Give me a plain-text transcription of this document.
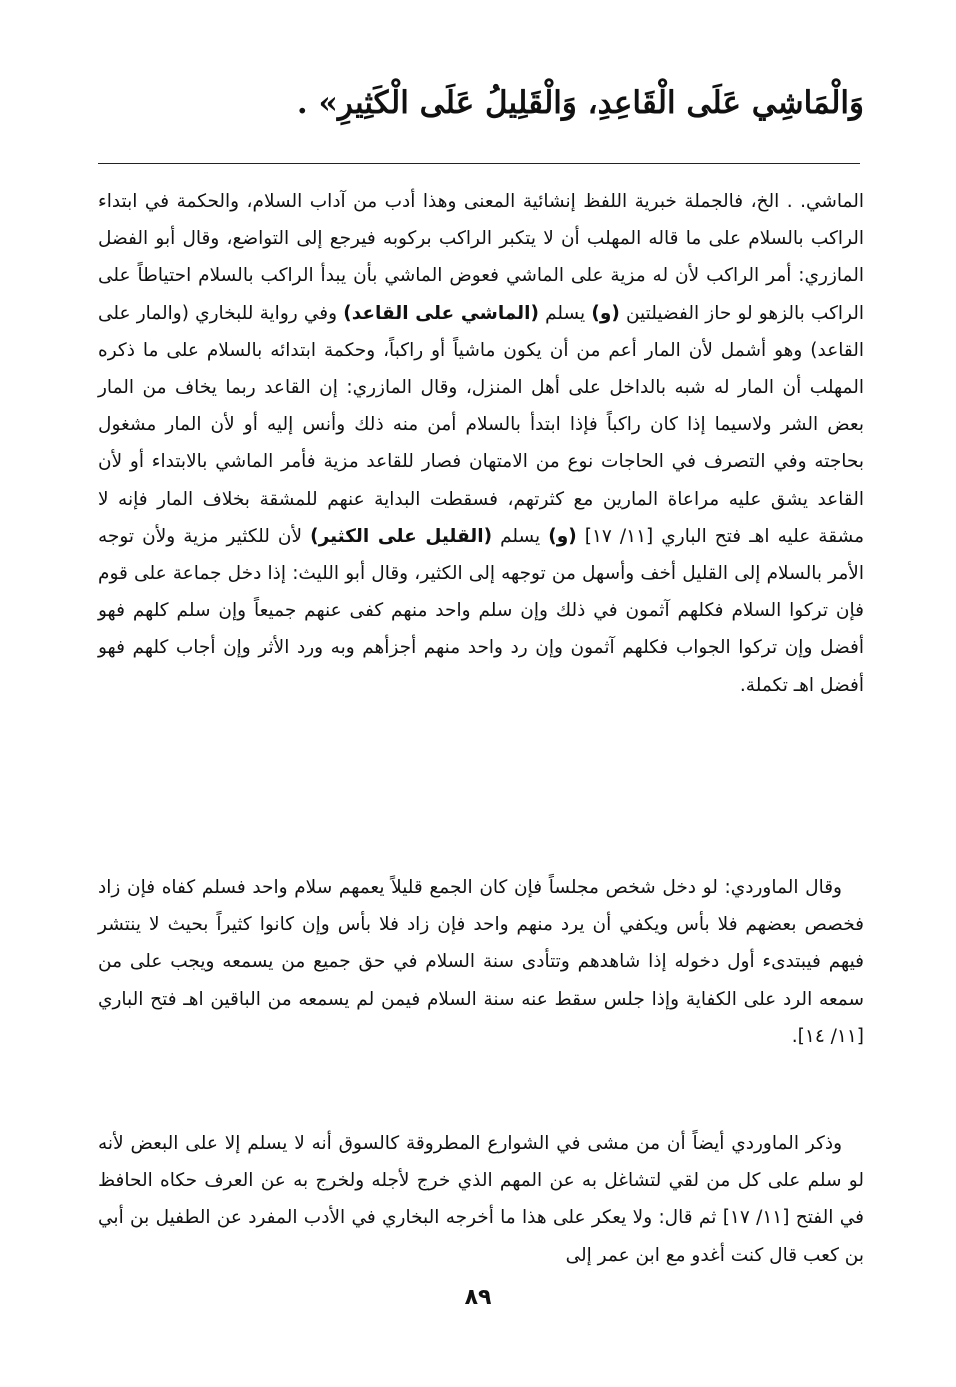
وَالْمَاشِي عَلَى الْقَاعِدِ، وَالْقَلِيلُ عَلَى الْكَثِيرِ» .

الماشي. . الخ، فالجملة خبرية اللفظ إنشائية المعنى وهذا أدب من آداب السلام، والحكمة في ابتداء الراكب بالسلام على ما قاله المهلب أن لا يتكبر الراكب بركوبه فيرجع إلى التواضع، وقال أبو الفضل المازري: أمر الراكب لأن له مزية على الماشي فعوض الماشي بأن يبدأ الراكب بالسلام احتياطاً على الراكب بالزهو لو حاز الفضيلتين (و) يسلم (الماشي على القاعد) وفي رواية للبخاري (والمار على القاعد) وهو أشمل لأن المار أعم من أن يكون ماشياً أو راكباً، وحكمة ابتدائه بالسلام على ما ذكره المهلب أن المار له شبه بالداخل على أهل المنزل، وقال المازري: إن القاعد ربما يخاف من المار بعض الشر ولاسيما إذا كان راكباً فإذا ابتدأ بالسلام أمن منه ذلك وأنس إليه أو لأن المار مشغول بحاجته وفي التصرف في الحاجات نوع من الامتهان فصار للقاعد مزية فأمر الماشي بالابتداء أو لأن القاعد يشق عليه مراعاة المارين مع كثرتهم، فسقطت البداية عنهم للمشقة بخلاف المار فإنه لا مشقة عليه اهـ فتح الباري [١١/ ١٧] (و) يسلم (القليل على الكثير) لأن للكثير مزية ولأن توجه الأمر بالسلام إلى القليل أخف وأسهل من توجهه إلى الكثير، وقال أبو الليث: إذا دخل جماعة على قوم فإن تركوا السلام فكلهم آثمون في ذلك وإن سلم واحد منهم كفى عنهم جميعاً وإن سلم كلهم فهو أفضل وإن تركوا الجواب فكلهم آثمون وإن رد واحد منهم أجزأهم وبه ورد الأثر وإن أجاب كلهم فهو أفضل اهـ تكملة.

وقال الماوردي: لو دخل شخص مجلساً فإن كان الجمع قليلاً يعمهم سلام واحد فسلم كفاه فإن زاد فخصص بعضهم فلا بأس ويكفي أن يرد منهم واحد فإن زاد فلا بأس وإن كانوا كثيراً بحيث لا ينتشر فيهم فيبتدىء أول دخوله إذا شاهدهم وتتأدى سنة السلام في حق جميع من يسمعه ويجب على من سمعه الرد على الكفاية وإذا جلس سقط عنه سنة السلام فيمن لم يسمعه من الباقين اهـ فتح الباري [١١/ ١٤].

وذكر الماوردي أيضاً أن من مشى في الشوارع المطروقة كالسوق أنه لا يسلم إلا على البعض لأنه لو سلم على كل من لقي لتشاغل به عن المهم الذي خرج لأجله ولخرج به عن العرف حكاه الحافظ في الفتح [١١/ ١٧] ثم قال: ولا يعكر على هذا ما أخرجه البخاري في الأدب المفرد عن الطفيل بن أبي بن كعب قال كنت أغدو مع ابن عمر إلى

٨٩
